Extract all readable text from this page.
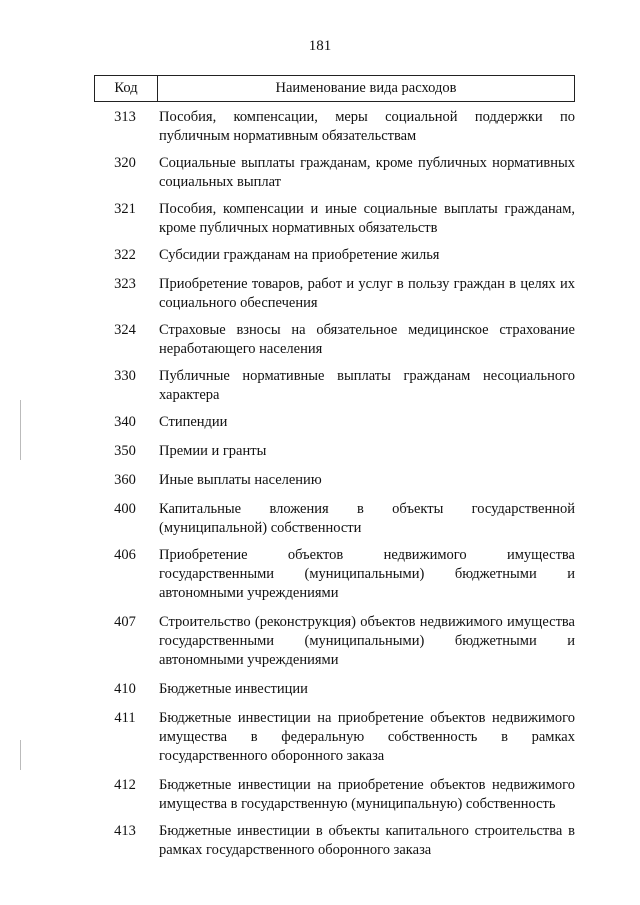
181
Код	Наименование вида расходов
313	Пособия, компенсации, меры социальной поддержки по публичным нормативным обязательствам
320	Социальные выплаты гражданам, кроме публичных нормативных социальных выплат
321	Пособия, компенсации и иные социальные выплаты гражданам, кроме публичных нормативных обязательств
322	Субсидии гражданам на приобретение жилья
323	Приобретение товаров, работ и услуг в пользу граждан в целях их социального обеспечения
324	Страховые взносы на обязательное медицинское страхование неработающего населения
330	Публичные нормативные выплаты гражданам несоциального характера
340	Стипендии
350	Премии и гранты
360	Иные выплаты населению
400	Капитальные вложения в объекты государственной (муниципальной) собственности
406	Приобретение объектов недвижимого имущества государственными (муниципальными) бюджетными и автономными учреждениями
407	Строительство (реконструкция) объектов недвижимого имущества государственными (муниципальными) бюджетными и автономными учреждениями
410	Бюджетные инвестиции
411	Бюджетные инвестиции на приобретение объектов недвижимого имущества в федеральную собственность в рамках государственного оборонного заказа
412	Бюджетные инвестиции на приобретение объектов недвижимого имущества в государственную (муниципальную) собственность
413	Бюджетные инвестиции в объекты капитального строительства в рамках государственного оборонного заказа
